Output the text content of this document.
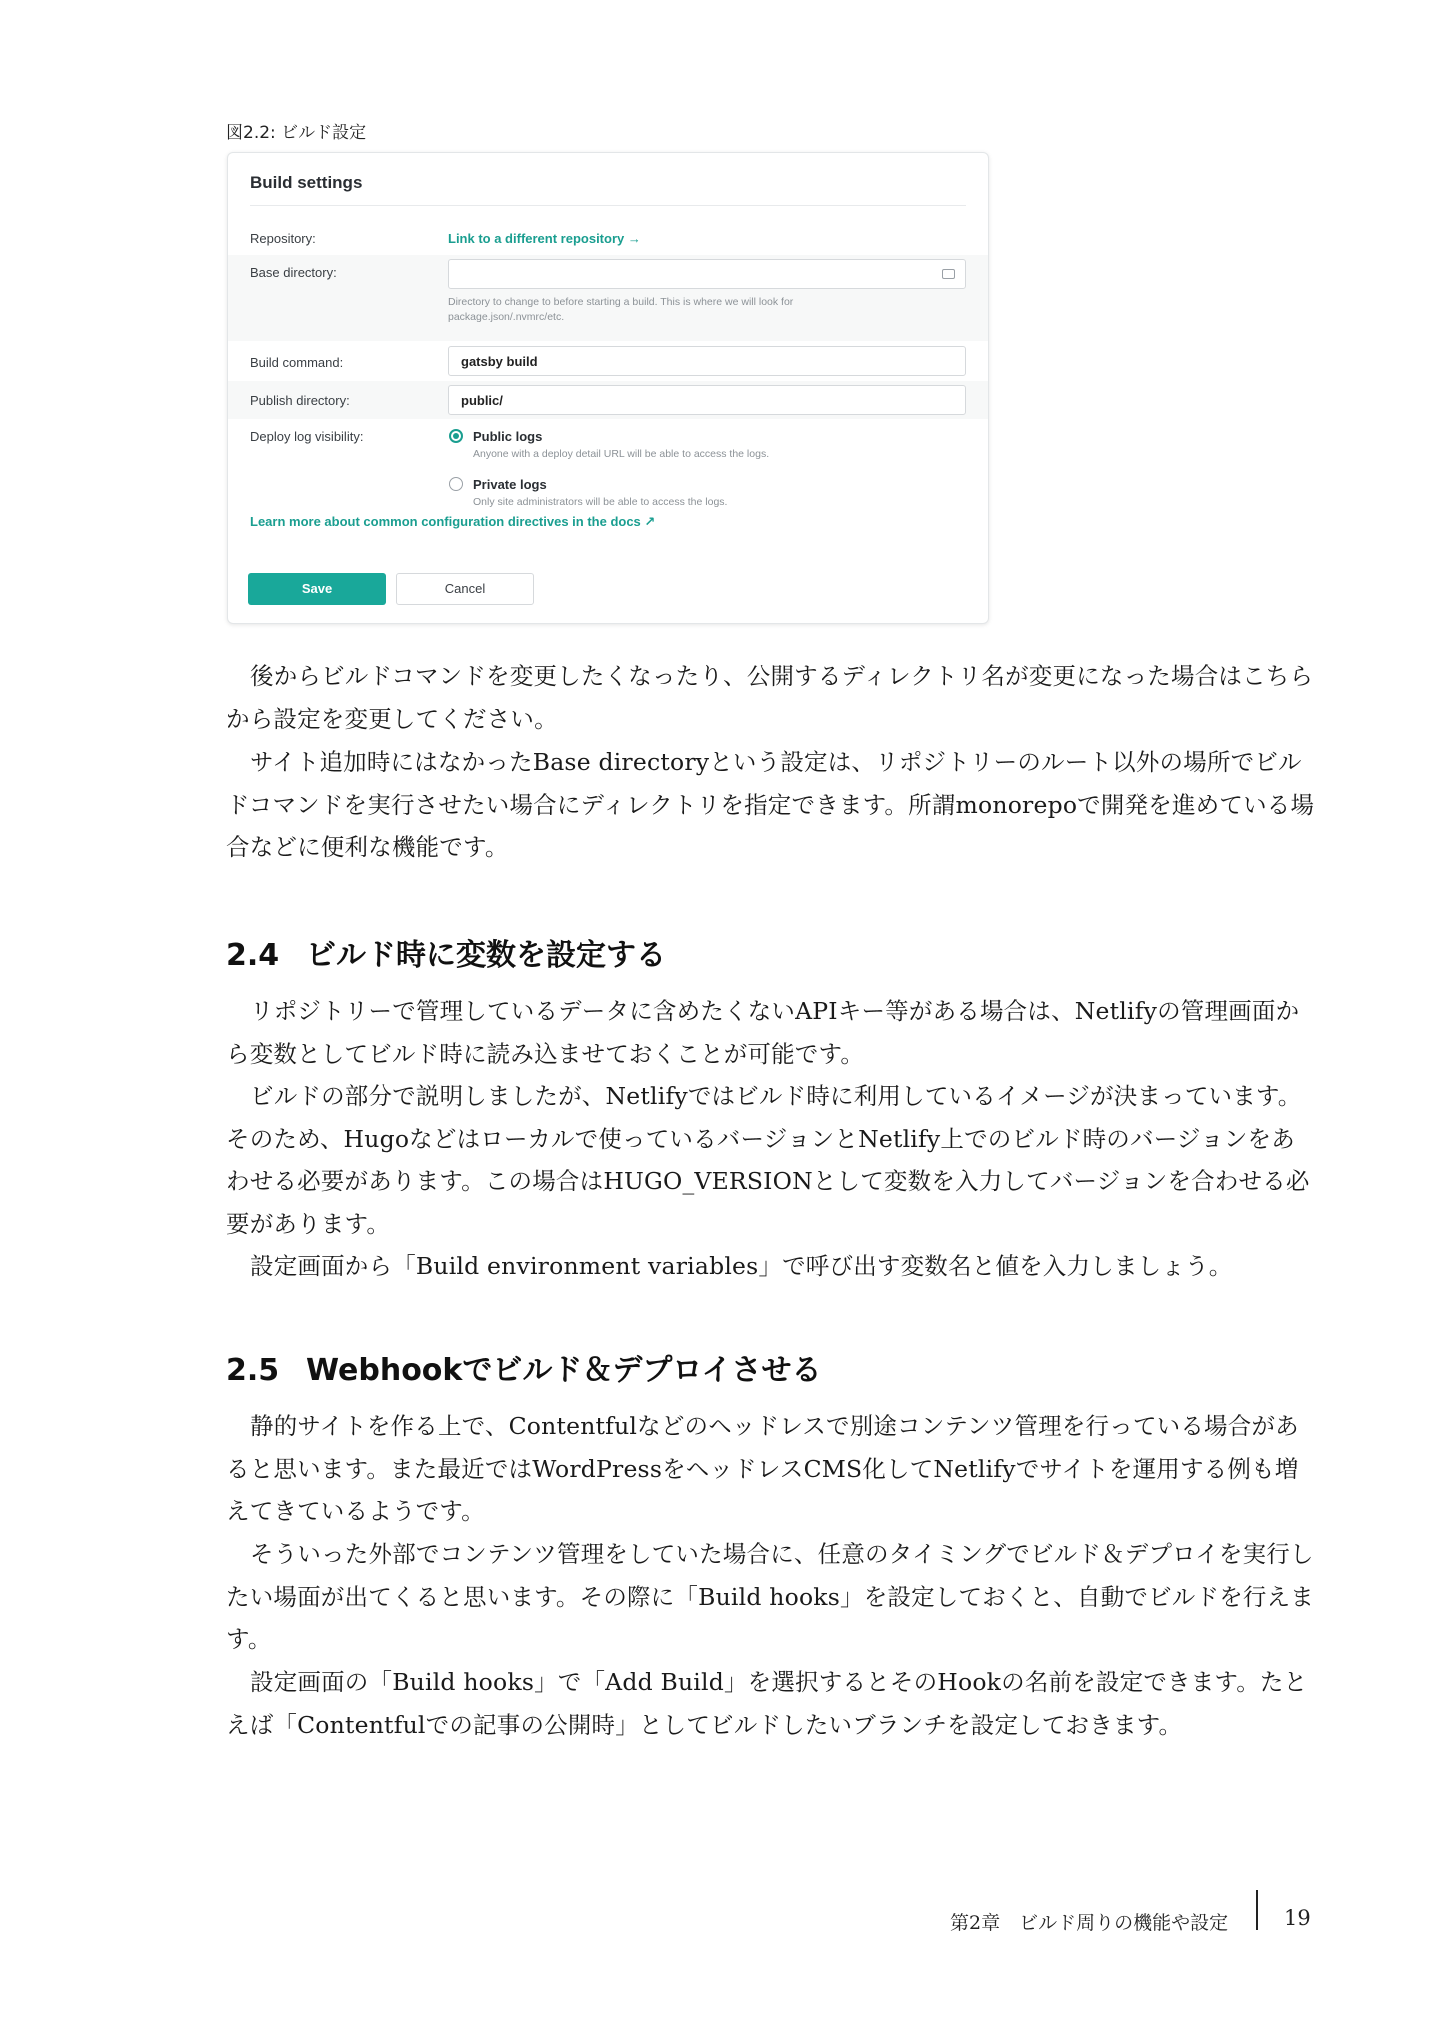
図2.2: ビルド設定
Build settings
Repository:	Link to a different repository →
Base directory:
Directory to change to before starting a build. This is where we will look for package.json/.nvmrc/etc.
Build command:	gatsby build
Publish directory:	public/
Deploy log visibility:	Public logs
Anyone with a deploy detail URL will be able to access the logs.
Private logs
Only site administrators will be able to access the logs.
Learn more about common configuration directives in the docs ↗
Save	Cancel

後からビルドコマンドを変更したくなったり、公開するディレクトリ名が変更になった場合はこちらから設定を変更してください。

サイト追加時にはなかったBase directoryという設定は、リポジトリーのルート以外の場所でビルドコマンドを実行させたい場合にディレクトリを指定できます。所謂monorepoで開発を進めている場合などに便利な機能です。

2.4 ビルド時に変数を設定する

リポジトリーで管理しているデータに含めたくないAPIキー等がある場合は、Netlifyの管理画面から変数としてビルド時に読み込ませておくことが可能です。

ビルドの部分で説明しましたが、Netlifyではビルド時に利用しているイメージが決まっています。そのため、Hugoなどはローカルで使っているバージョンとNetlify上でのビルド時のバージョンをあわせる必要があります。この場合はHUGO_VERSIONとして変数を入力してバージョンを合わせる必要があります。

設定画面から「Build environment variables」で呼び出す変数名と値を入力しましょう。

2.5 Webhookでビルド＆デプロイさせる

静的サイトを作る上で、Contentfulなどのヘッドレスで別途コンテンツ管理を行っている場合があると思います。また最近ではWordPressをヘッドレスCMS化してNetlifyでサイトを運用する例も増えてきているようです。

そういった外部でコンテンツ管理をしていた場合に、任意のタイミングでビルド＆デプロイを実行したい場面が出てくると思います。その際に「Build hooks」を設定しておくと、自動でビルドを行えます。

設定画面の「Build hooks」で「Add Build」を選択するとそのHookの名前を設定できます。たとえば「Contentfulでの記事の公開時」としてビルドしたいブランチを設定しておきます。

第2章　ビルド周りの機能や設定	19
